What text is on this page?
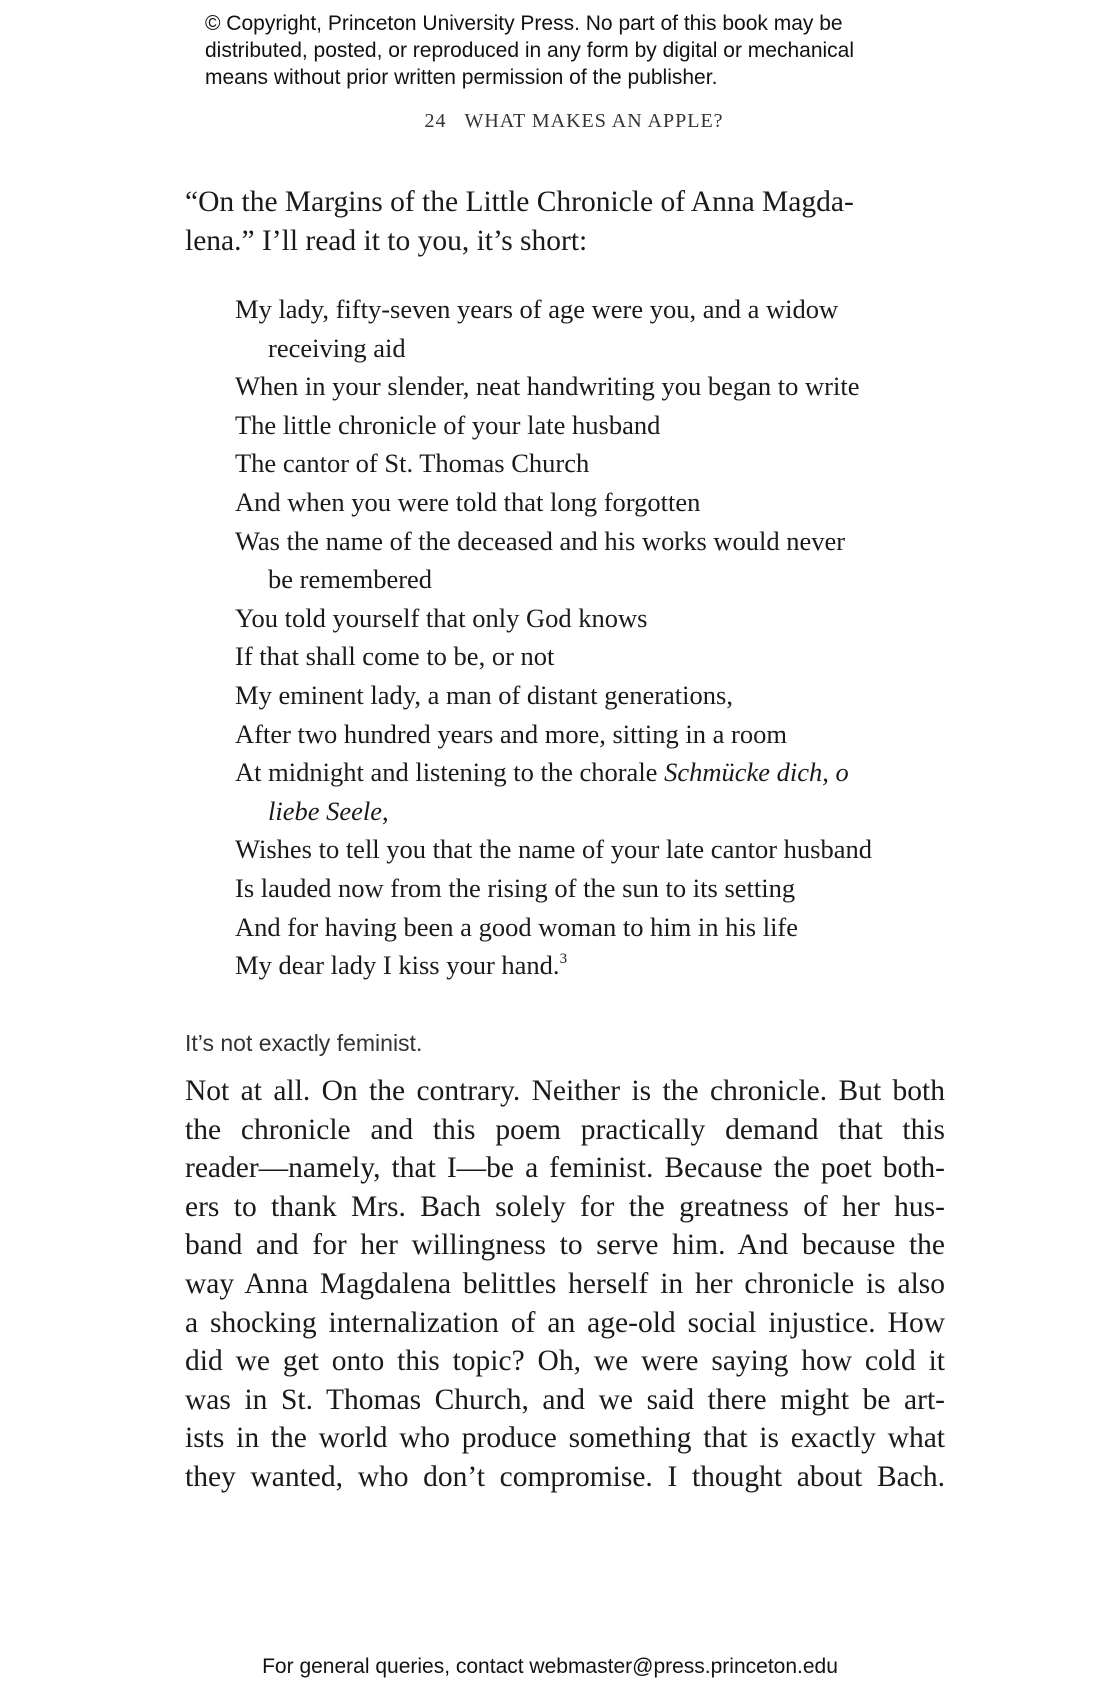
© Copyright, Princeton University Press. No part of this book may be
distributed, posted, or reproduced in any form by digital or mechanical
means without prior written permission of the publisher.
24 WHAT MAKES AN APPLE?
“On the Margins of the Little Chronicle of Anna Magda-
lena.” I’ll read it to you, it’s short:
My lady, fifty-seven years of age were you, and a widow
receiving aid
When in your slender, neat handwriting you began to write
The little chronicle of your late husband
The cantor of St. Thomas Church
And when you were told that long forgotten
Was the name of the deceased and his works would never
be remembered
You told yourself that only God knows
If that shall come to be, or not
My eminent lady, a man of distant generations,
After two hundred years and more, sitting in a room
At midnight and listening to the chorale Schmücke dich, o
liebe Seele,
Wishes to tell you that the name of your late cantor husband
Is lauded now from the rising of the sun to its setting
And for having been a good woman to him in his life
My dear lady I kiss your hand.$^3$
It’s not exactly feminist.
Not at all. On the contrary. Neither is the chronicle. But both
the chronicle and this poem practically demand that this
reader—namely, that I—be a feminist. Because the poet both-
ers to thank Mrs. Bach solely for the greatness of her hus-
band and for her willingness to serve him. And because the
way Anna Magdalena belittles herself in her chronicle is also
a shocking internalization of an age-old social injustice. How
did we get onto this topic? Oh, we were saying how cold it
was in St. Thomas Church, and we said there might be art-
ists in the world who produce something that is exactly what
they wanted, who don’t compromise. I thought about Bach.
For general queries, contact webmaster@press.princeton.edu
